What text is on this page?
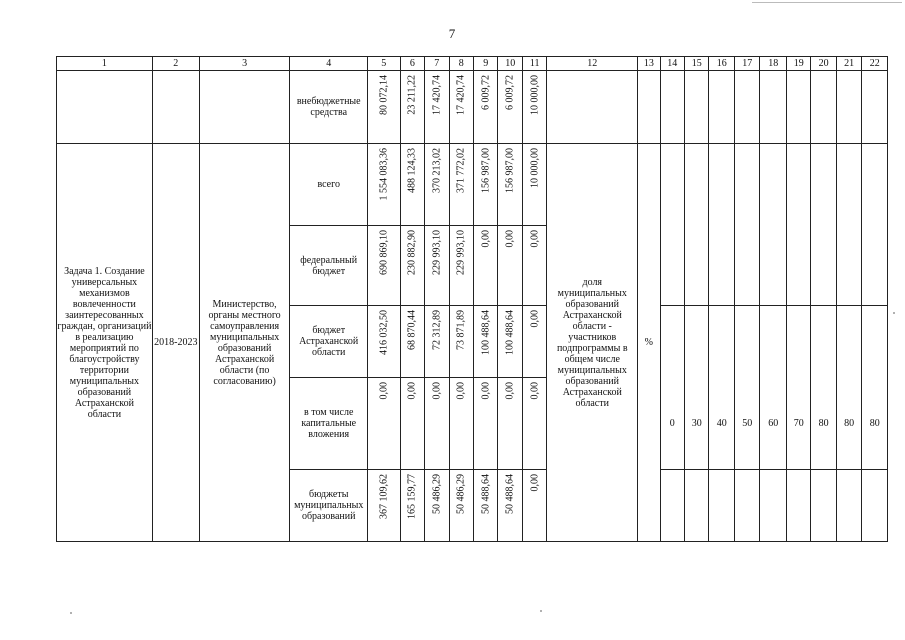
7
1	2	3	4	5	6	7	8	9	10	11	12	13	14	15	16	17	18	19	20	21	22
			внебюджетные средства	80 072,14	23 211,22	17 420,74	17 420,74	6 009,72	6 009,72	10 000,00											

Задача 1. Создание универсальных механизмов вовлеченности заинтересованных граждан, организаций в реализацию мероприятий по благоустройству территории муниципальных образований Астраханской области	2018-2023	Министерство, органы местного самоуправления муниципальных образований Астраханской области (по согласованию)	всего	1 554 083,36	488 124,33	370 213,02	371 772,02	156 987,00	156 987,00	10 000,00	доля муниципальных образований Астраханской области - участников подпрограммы в общем числе муниципальных образований Астраханской области	%									
			федеральный бюджет	690 869,10	230 882,90	229 993,10	229 993,10	0,00	0,00	0,00											

			бюджет Астраханской области	416 032,50	68 870,44	72 312,89	73 871,89	100 488,64	100 488,64	0,00											

			в том числе капитальные вложения	0,00	0,00	0,00	0,00	0,00	0,00	0,00			0	30	40	50	60	70	80	80	80
			бюджеты муниципальных образований	367 109,62	165 159,77	50 486,29	50 486,29	50 488,64	50 488,64	0,00											
